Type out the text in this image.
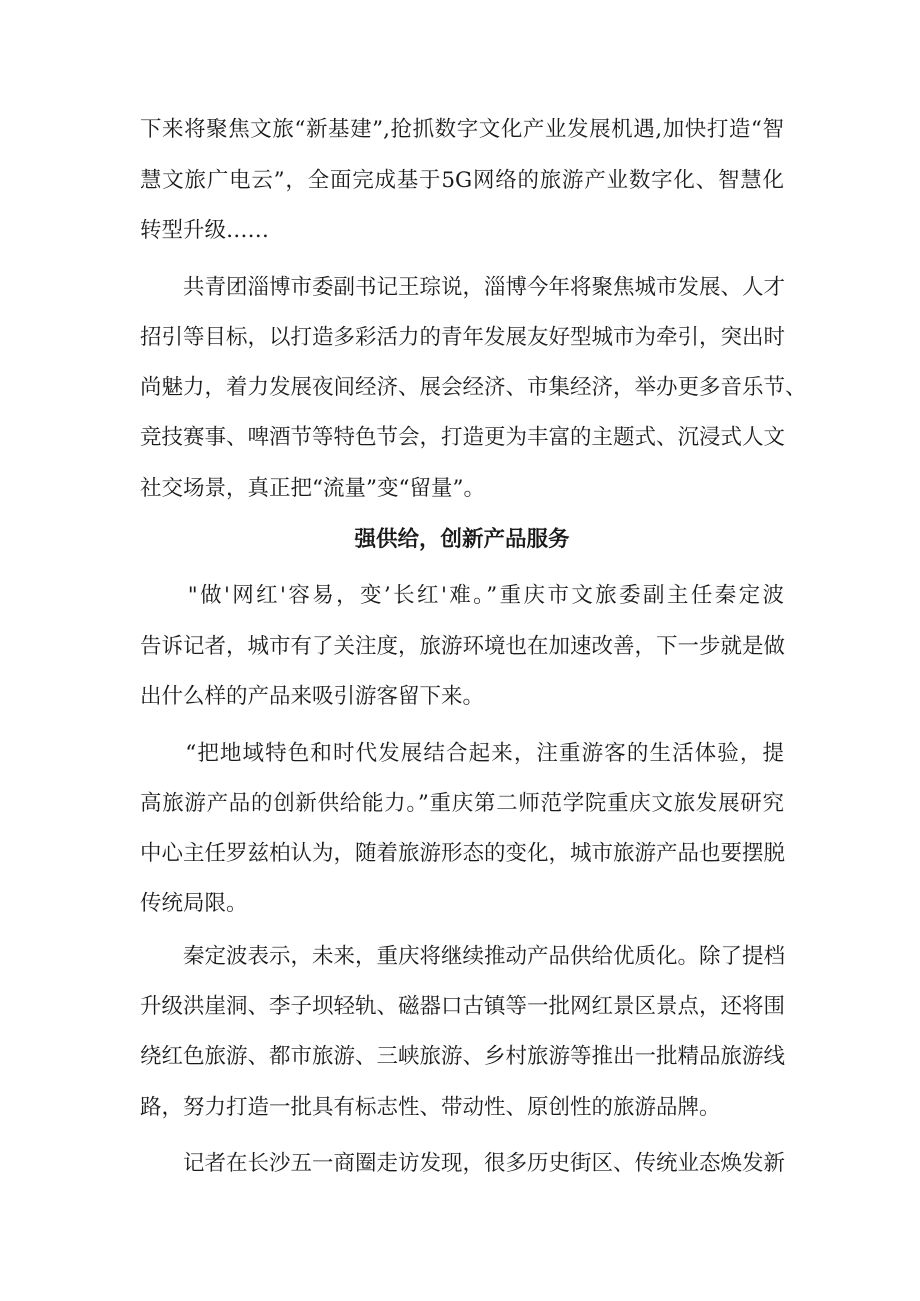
下来将聚焦文旅“新基建”,抢抓数字文化产业发展机遇,加快打造“智
慧文旅广电云”，全面完成基于5G网络的旅游产业数字化、智慧化
转型升级……
　　共青团淄博市委副书记王琮说，淄博今年将聚焦城市发展、人才
招引等目标，以打造多彩活力的青年发展友好型城市为牵引，突出时
尚魅力，着力发展夜间经济、展会经济、市集经济，举办更多音乐节、
竞技赛事、啤酒节等特色节会，打造更为丰富的主题式、沉浸式人文
社交场景，真正把“流量”变“留量”。
强供给，创新产品服务
　　"做'网红'容易，变’长红'难。”重庆市文旅委副主任秦定波
告诉记者，城市有了关注度，旅游环境也在加速改善，下一步就是做
出什么样的产品来吸引游客留下来。
　　“把地域特色和时代发展结合起来，注重游客的生活体验，提
高旅游产品的创新供给能力。”重庆第二师范学院重庆文旅发展研究
中心主任罗兹柏认为，随着旅游形态的变化，城市旅游产品也要摆脱
传统局限。
　　秦定波表示，未来，重庆将继续推动产品供给优质化。除了提档
升级洪崖洞、李子坝轻轨、磁器口古镇等一批网红景区景点，还将围
绕红色旅游、都市旅游、三峡旅游、乡村旅游等推出一批精品旅游线
路，努力打造一批具有标志性、带动性、原创性的旅游品牌。
　　记者在长沙五一商圈走访发现，很多历史街区、传统业态焕发新
